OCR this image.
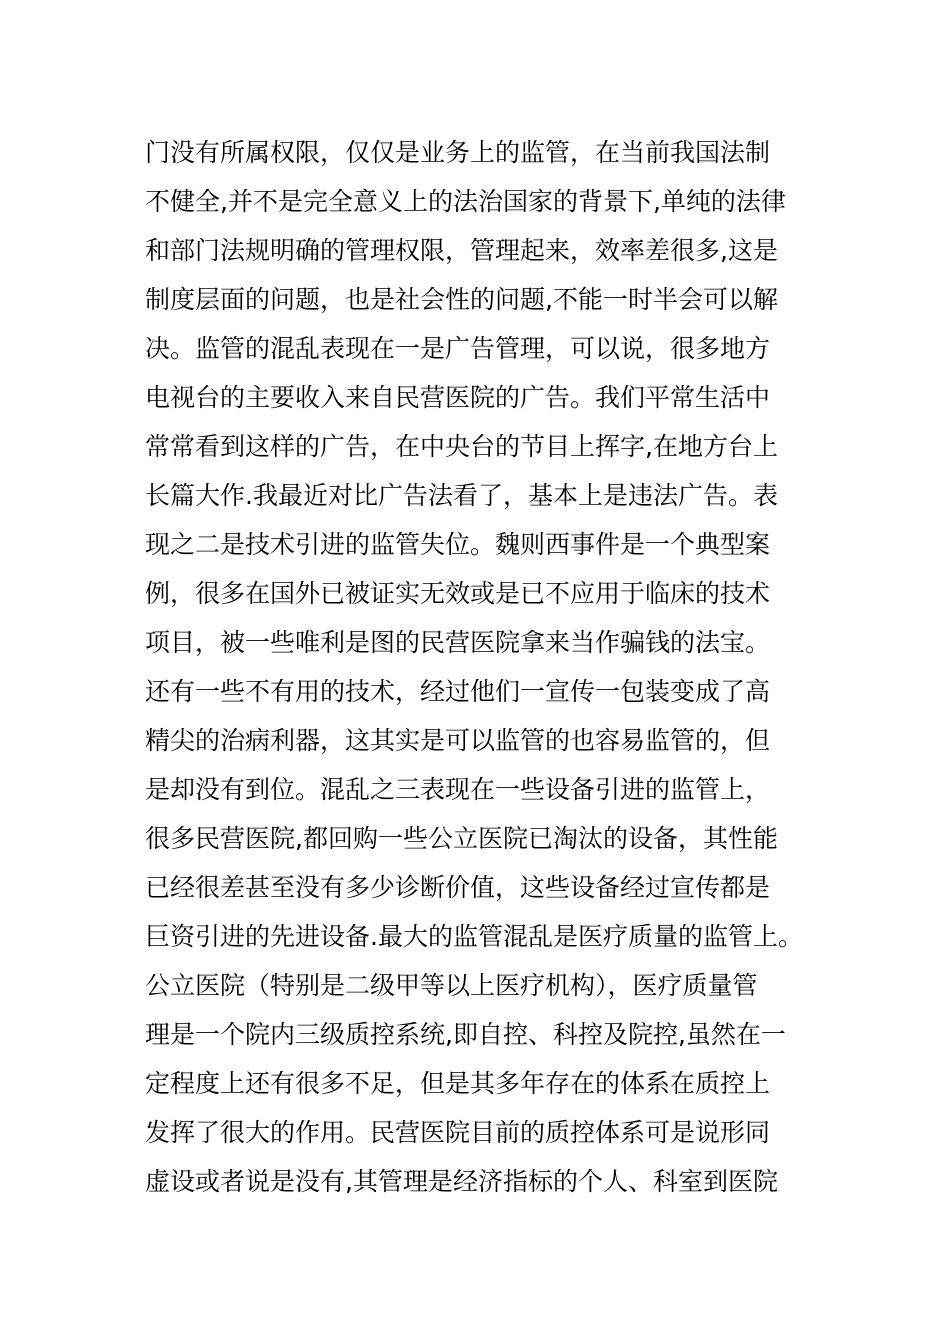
门没有所属权限，仅仅是业务上的监管，在当前我国法制
不健全,并不是完全意义上的法治国家的背景下,单纯的法律
和部门法规明确的管理权限，管理起来，效率差很多,这是
制度层面的问题，也是社会性的问题,不能一时半会可以解
决。监管的混乱表现在一是广告管理，可以说，很多地方
电视台的主要收入来自民营医院的广告。我们平常生活中
常常看到这样的广告，在中央台的节目上挥字,在地方台上
长篇大作.我最近对比广告法看了，基本上是违法广告。表
现之二是技术引进的监管失位。魏则西事件是一个典型案
例，很多在国外已被证实无效或是已不应用于临床的技术
项目，被一些唯利是图的民营医院拿来当作骗钱的法宝。
还有一些不有用的技术，经过他们一宣传一包装变成了高
精尖的治病利器，这其实是可以监管的也容易监管的，但
是却没有到位。混乱之三表现在一些设备引进的监管上，
很多民营医院,都回购一些公立医院已淘汰的设备，其性能
已经很差甚至没有多少诊断价值，这些设备经过宣传都是
巨资引进的先进设备.最大的监管混乱是医疗质量的监管上。
公立医院（特别是二级甲等以上医疗机构），医疗质量管
理是一个院内三级质控系统,即自控、科控及院控,虽然在一
定程度上还有很多不足，但是其多年存在的体系在质控上
发挥了很大的作用。民营医院目前的质控体系可是说形同
虚设或者说是没有,其管理是经济指标的个人、科室到医院
